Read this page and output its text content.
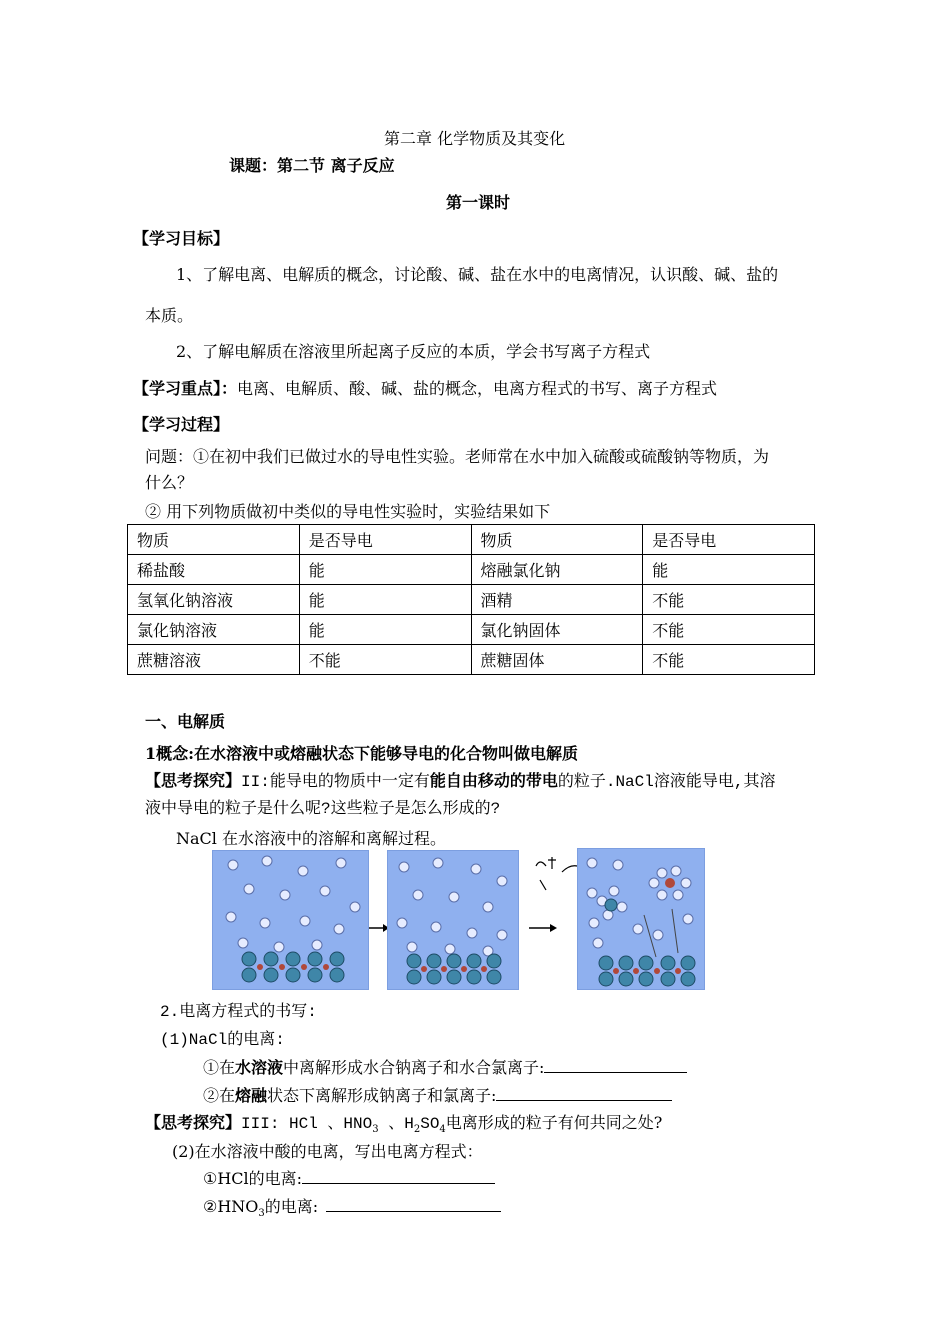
第二章 化学物质及其变化
课题：第二节 离子反应
第一课时
【学习目标】
1、了解电离、电解质的概念，讨论酸、碱、盐在水中的电离情况，认识酸、碱、盐的
本质。
2、了解电解质在溶液里所起离子反应的本质，学会书写离子方程式
【学习重点】：电离、电解质、酸、碱、盐的概念，电离方程式的书写、离子方程式
【学习过程】
问题：①在初中我们已做过水的导电性实验。老师常在水中加入硫酸或硫酸钠等物质，为
什么？
② 用下列物质做初中类似的导电性实验时，实验结果如下
物质	是否导电	物质	是否导电
稀盐酸	能	熔融氯化钠	能
氢氧化钠溶液	能	酒精	不能
氯化钠溶液	能	氯化钠固体	不能
蔗糖溶液	不能	蔗糖固体	不能
一、电解质
1概念:在水溶液中或熔融状态下能够导电的化合物叫做电解质
【思考探究】II:能导电的物质中一定有能自由移动的带电的粒子.NaCl溶液能导电,其溶
液中导电的粒子是什么呢?这些粒子是怎么形成的?
NaCl 在水溶液中的溶解和离解过程。
2.电离方程式的书写:
(1)NaCl的电离:
①在水溶液中离解形成水合钠离子和水合氯离子:
②在熔融状态下离解形成钠离子和氯离子:
【思考探究】III: HCl 、$HNO_3$ 、$H_2SO_4$电离形成的粒子有何共同之处?
(2)在水溶液中酸的电离，写出电离方程式：
①HCl的电离:
$②HNO_3$的电离:
